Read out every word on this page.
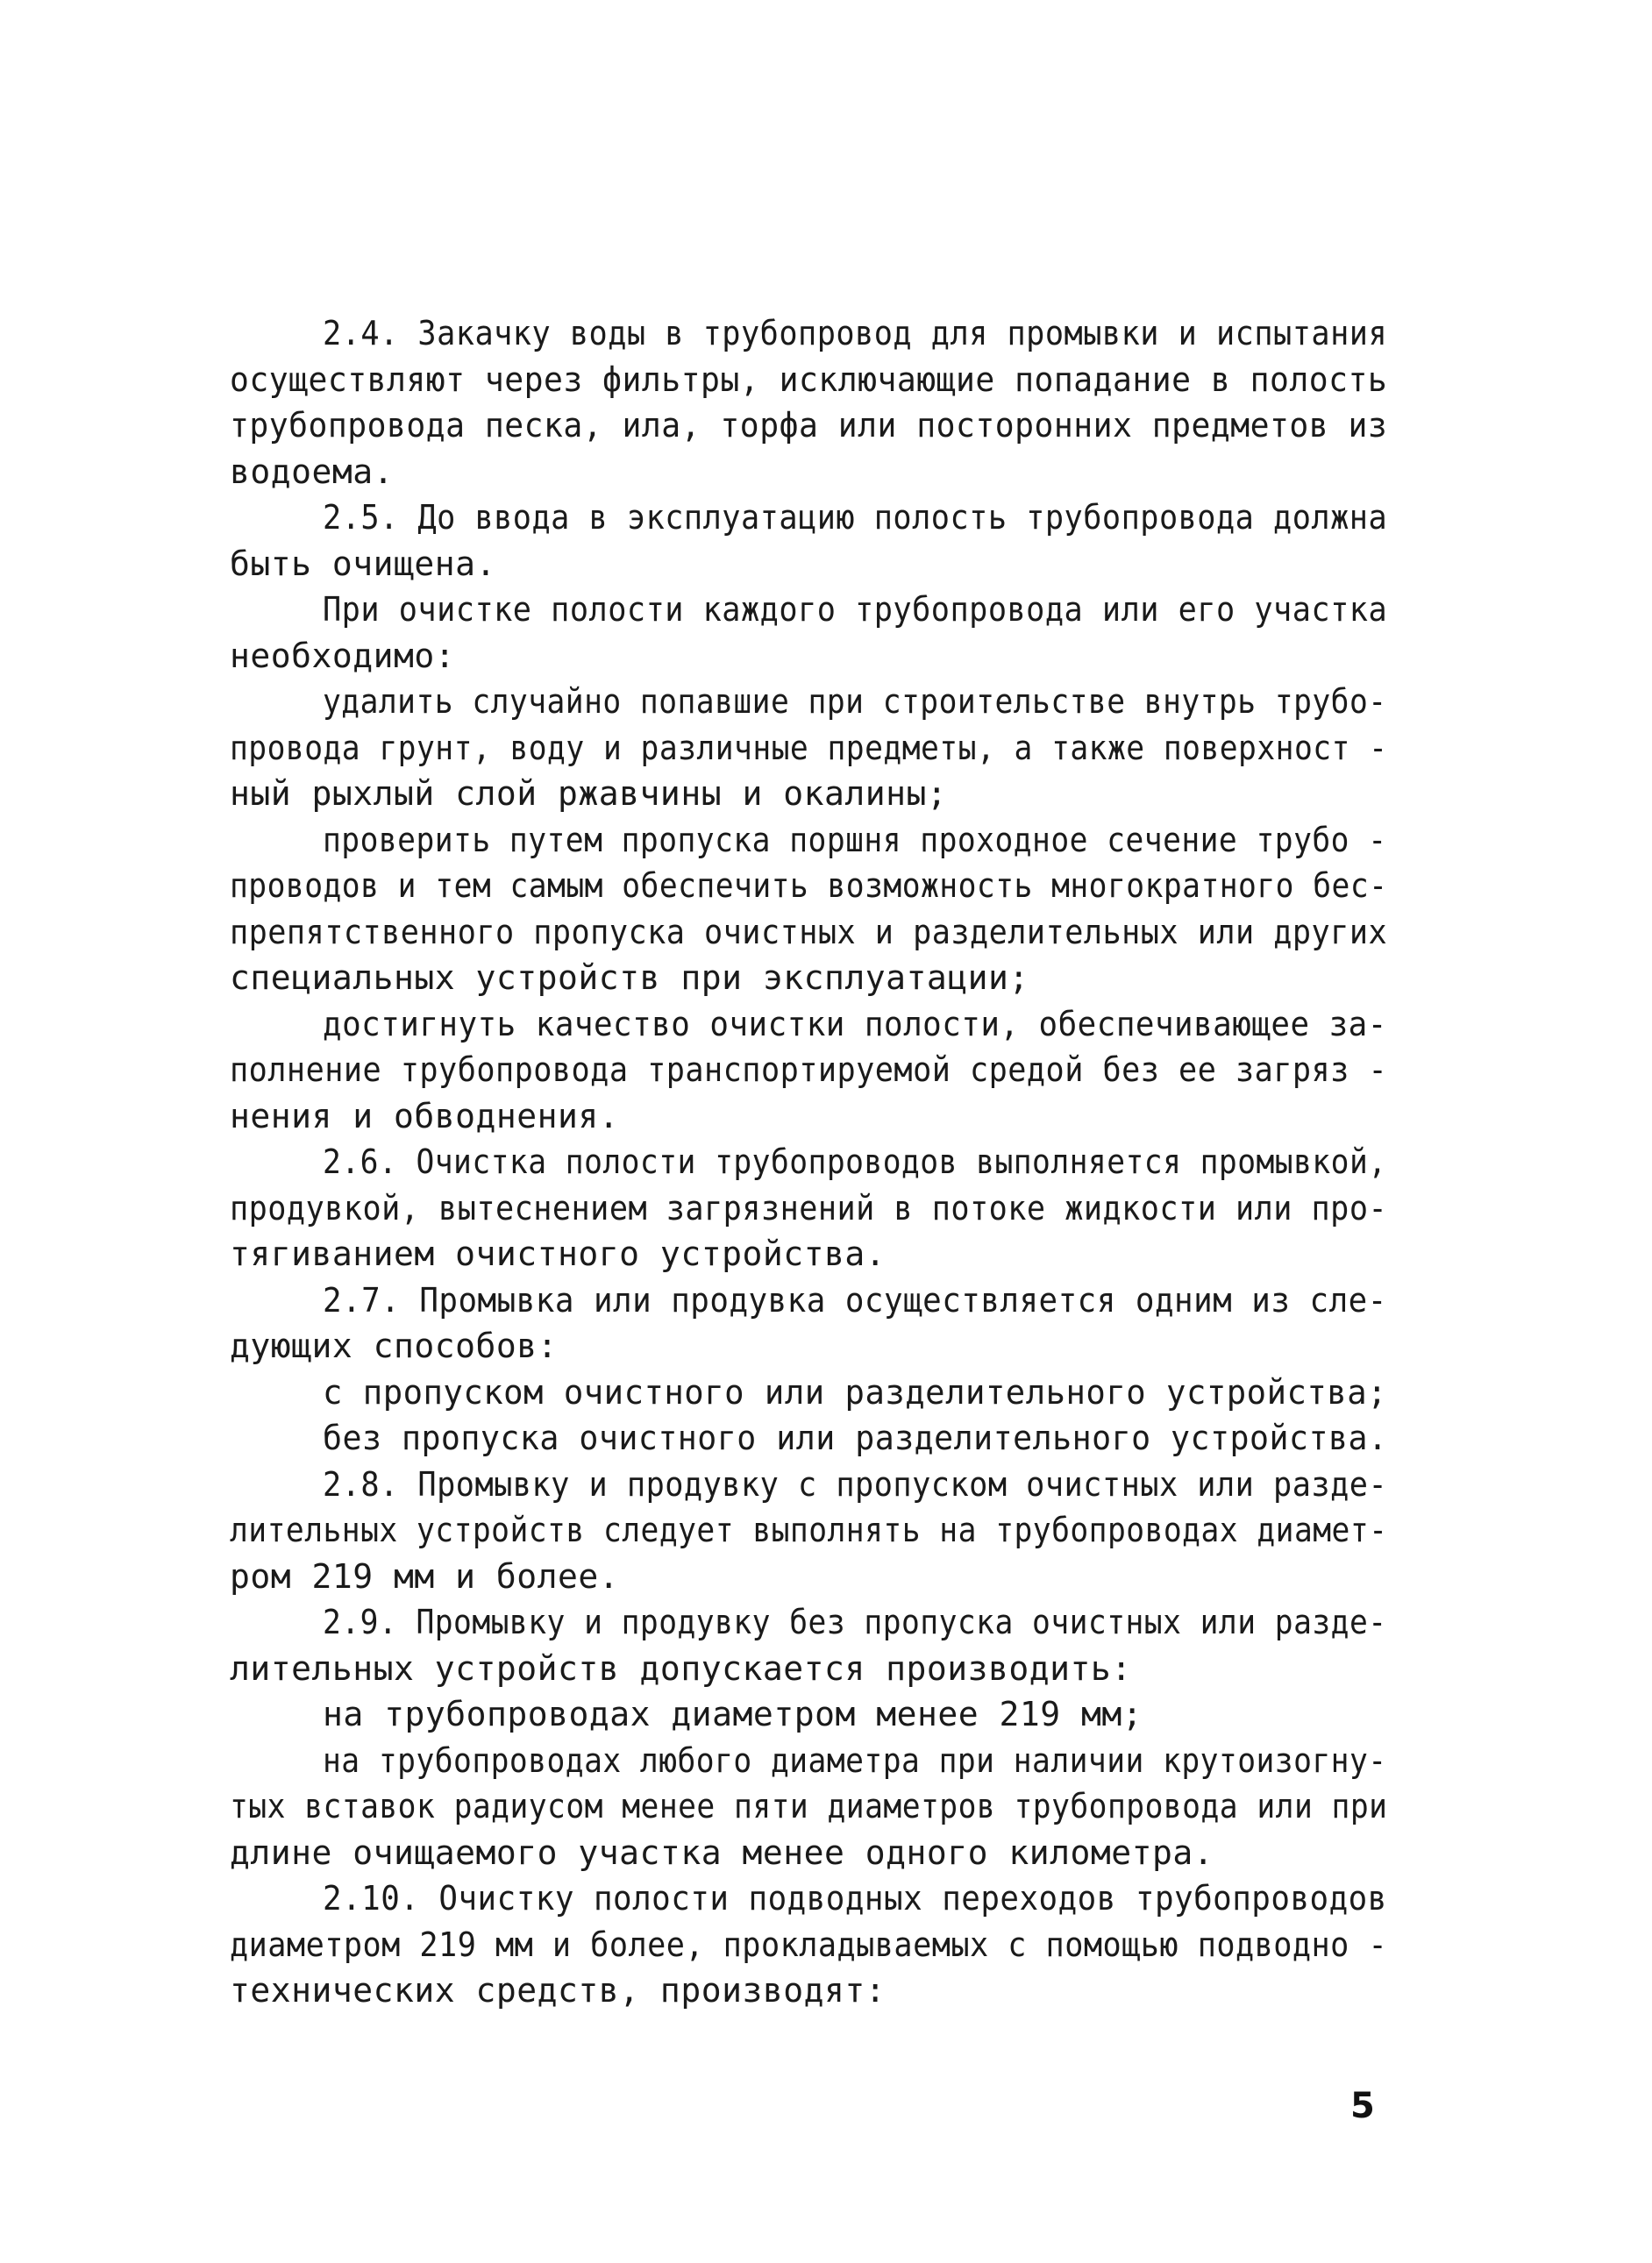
2.4. Закачку воды в трубопровод для промывки и испытания
осуществляют через фильтры, исключающие попадание в полость
трубопровода песка, ила, торфа или посторонних предметов из
водоема.
2.5. До ввода в эксплуатацию полость трубопровода должна
быть очищена.
При очистке полости каждого трубопровода или его участка
необходимо:
удалить случайно попавшие при строительстве внутрь трубо-
провода грунт, воду и различные предметы, а также поверхност -
ный рыхлый слой ржавчины и окалины;
проверить путем пропуска поршня проходное сечение трубо -
проводов и тем самым обеспечить возможность многократного бес-
препятственного пропуска очистных и разделительных или других
специальных устройств при эксплуатации;
достигнуть качество очистки полости, обеспечивающее за-
полнение трубопровода транспортируемой средой без ее загряз -
нения и обводнения.
2.6. Очистка полости трубопроводов выполняется промывкой,
продувкой, вытеснением загрязнений в потоке жидкости или про-
тягиванием очистного устройства.
2.7. Промывка или продувка осуществляется одним из сле-
дующих способов:
с пропуском очистного или разделительного устройства;
без пропуска очистного или разделительного устройства.
2.8. Промывку и продувку с пропуском очистных или разде-
лительных устройств следует выполнять на трубопроводах диамет-
ром 219 мм и более.
2.9. Промывку и продувку без пропуска очистных или разде-
лительных устройств допускается производить:
на трубопроводах диаметром менее 219 мм;
на трубопроводах любого диаметра при наличии крутоизогну-
тых вставок радиусом менее пяти диаметров трубопровода или при
длине очищаемого участка менее одного километра.
2.10. Очистку полости подводных переходов трубопроводов
диаметром 219 мм и более, прокладываемых с помощью подводно -
технических средств, производят:
5
